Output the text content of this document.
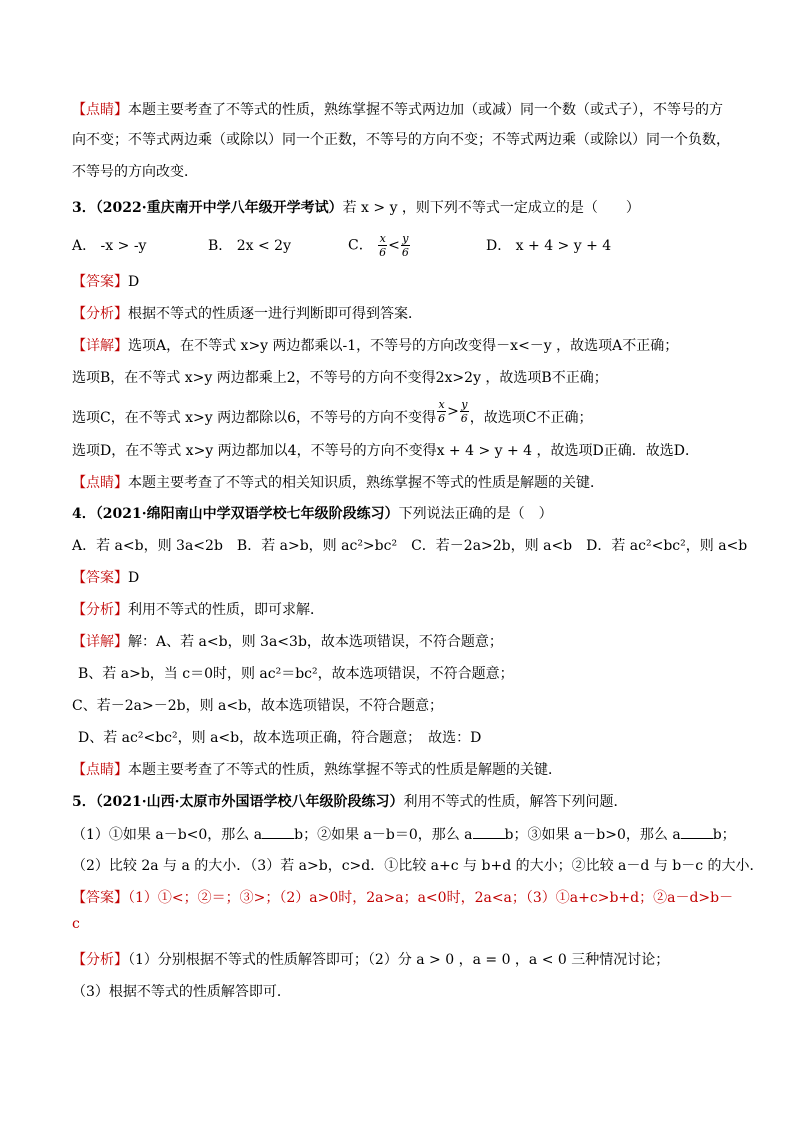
【点睛】本题主要考查了不等式的性质，熟练掌握不等式两边加（或减）同一个数（或式子），不等号的方
向不变；不等式两边乘（或除以）同一个正数，不等号的方向不变；不等式两边乘（或除以）同一个负数，
不等号的方向改变．
3．（2022·重庆南开中学八年级开学考试）若 x > y ，则下列不等式一定成立的是（　　）
A． -x > -y	B． 2x < 2y	C． $\frac{x}{6} < \frac{y}{6}$	D． x + 4 > y + 4
【答案】D
【分析】根据不等式的性质逐一进行判断即可得到答案．
【详解】选项A，在不等式 x>y 两边都乘以-1，不等号的方向改变得－x<－y ，故选项A不正确；
选项B，在不等式 x>y 两边都乘上2，不等号的方向不变得2x>2y ，故选项B不正确；
选项C，在不等式 x>y 两边都除以6，不等号的方向不变得 $\frac{x}{6} > \frac{y}{6}$ ，故选项C不正确；
选项D，在不等式 x>y 两边都加以4，不等号的方向不变得x + 4 > y + 4 ，故选项D正确．故选D．
【点睛】本题主要考查了不等式的相关知识质，熟练掌握不等式的性质是解题的关键．
4．（2021·绵阳南山中学双语学校七年级阶段练习）下列说法正确的是（　）
A．若 a<b，则 3a<2b　B．若 a>b，则 ac²>bc²　C．若－2a>2b，则 a<b　D．若 ac²<bc²，则 a<b
【答案】D
【分析】利用不等式的性质，即可求解．
【详解】解：A、若 a<b，则 3a<3b，故本选项错误，不符合题意；
B、若 a>b，当 c＝0时，则 ac²＝bc²，故本选项错误，不符合题意；
C、若－2a>－2b，则 a<b，故本选项错误，不符合题意；
D、若 ac²<bc²，则 a<b，故本选项正确，符合题意；　故选：D
【点睛】本题主要考查了不等式的性质，熟练掌握不等式的性质是解题的关键．
5．（2021·山西·太原市外国语学校八年级阶段练习）利用不等式的性质，解答下列问题．
（1）①如果 a－b<0，那么 a b；②如果 a－b＝0，那么 a b；③如果 a－b>0，那么 a b；
（2）比较 2a 与 a 的大小．（3）若 a>b，c>d．①比较 a+c 与 b+d 的大小；②比较 a－d 与 b－c 的大小．
【答案】（1）①<；②＝；③>；（2）a>0时，2a>a；a<0时，2a<a；（3）①a+c>b+d；②a－d>b－
c
【分析】（1）分别根据不等式的性质解答即可；（2）分 a > 0 ，a = 0 ，a < 0 三种情况讨论；
（3）根据不等式的性质解答即可．
